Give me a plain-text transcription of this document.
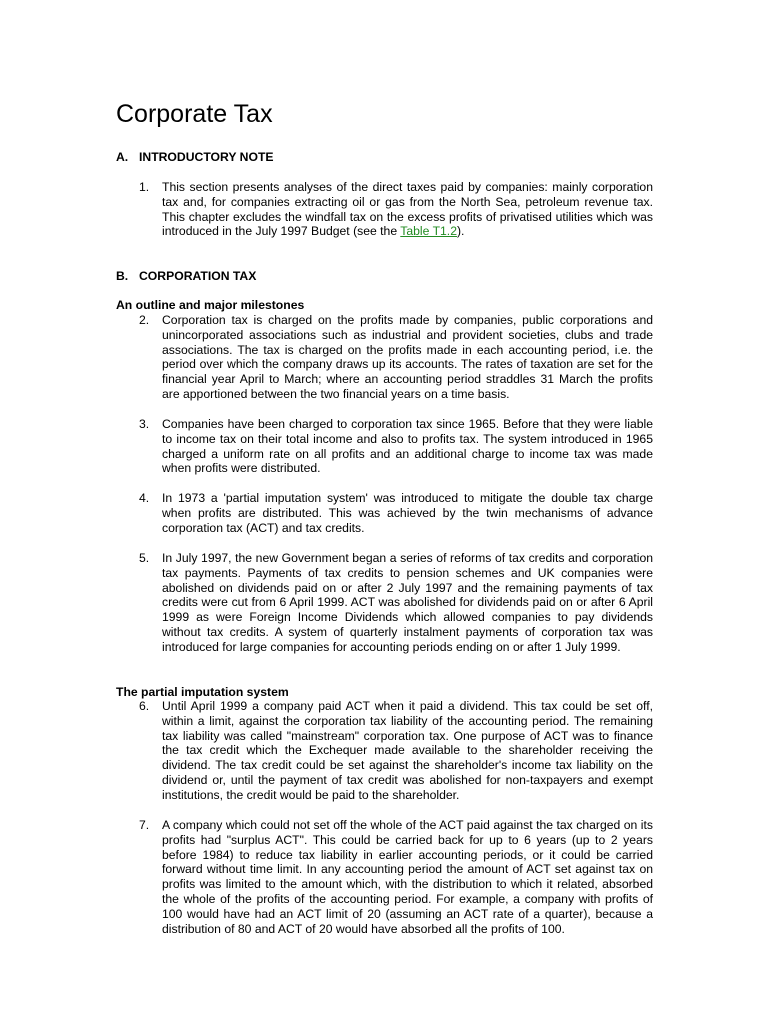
Corporate Tax
A. INTRODUCTORY NOTE
1. This section presents analyses of the direct taxes paid by companies: mainly corporation tax and, for companies extracting oil or gas from the North Sea, petroleum revenue tax. This chapter excludes the windfall tax on the excess profits of privatised utilities which was introduced in the July 1997 Budget (see the Table T1.2).
B. CORPORATION TAX
An outline and major milestones
2. Corporation tax is charged on the profits made by companies, public corporations and unincorporated associations such as industrial and provident societies, clubs and trade associations. The tax is charged on the profits made in each accounting period, i.e. the period over which the company draws up its accounts. The rates of taxation are set for the financial year April to March; where an accounting period straddles 31 March the profits are apportioned between the two financial years on a time basis.
3. Companies have been charged to corporation tax since 1965. Before that they were liable to income tax on their total income and also to profits tax. The system introduced in 1965 charged a uniform rate on all profits and an additional charge to income tax was made when profits were distributed.
4. In 1973 a 'partial imputation system' was introduced to mitigate the double tax charge when profits are distributed. This was achieved by the twin mechanisms of advance corporation tax (ACT) and tax credits.
5. In July 1997, the new Government began a series of reforms of tax credits and corporation tax payments. Payments of tax credits to pension schemes and UK companies were abolished on dividends paid on or after 2 July 1997 and the remaining payments of tax credits were cut from 6 April 1999. ACT was abolished for dividends paid on or after 6 April 1999 as were Foreign Income Dividends which allowed companies to pay dividends without tax credits. A system of quarterly instalment payments of corporation tax was introduced for large companies for accounting periods ending on or after 1 July 1999.
The partial imputation system
6. Until April 1999 a company paid ACT when it paid a dividend. This tax could be set off, within a limit, against the corporation tax liability of the accounting period. The remaining tax liability was called "mainstream" corporation tax. One purpose of ACT was to finance the tax credit which the Exchequer made available to the shareholder receiving the dividend. The tax credit could be set against the shareholder's income tax liability on the dividend or, until the payment of tax credit was abolished for non-taxpayers and exempt institutions, the credit would be paid to the shareholder.
7. A company which could not set off the whole of the ACT paid against the tax charged on its profits had "surplus ACT". This could be carried back for up to 6 years (up to 2 years before 1984) to reduce tax liability in earlier accounting periods, or it could be carried forward without time limit. In any accounting period the amount of ACT set against tax on profits was limited to the amount which, with the distribution to which it related, absorbed the whole of the profits of the accounting period. For example, a company with profits of 100 would have had an ACT limit of 20 (assuming an ACT rate of a quarter), because a distribution of 80 and ACT of 20 would have absorbed all the profits of 100.
